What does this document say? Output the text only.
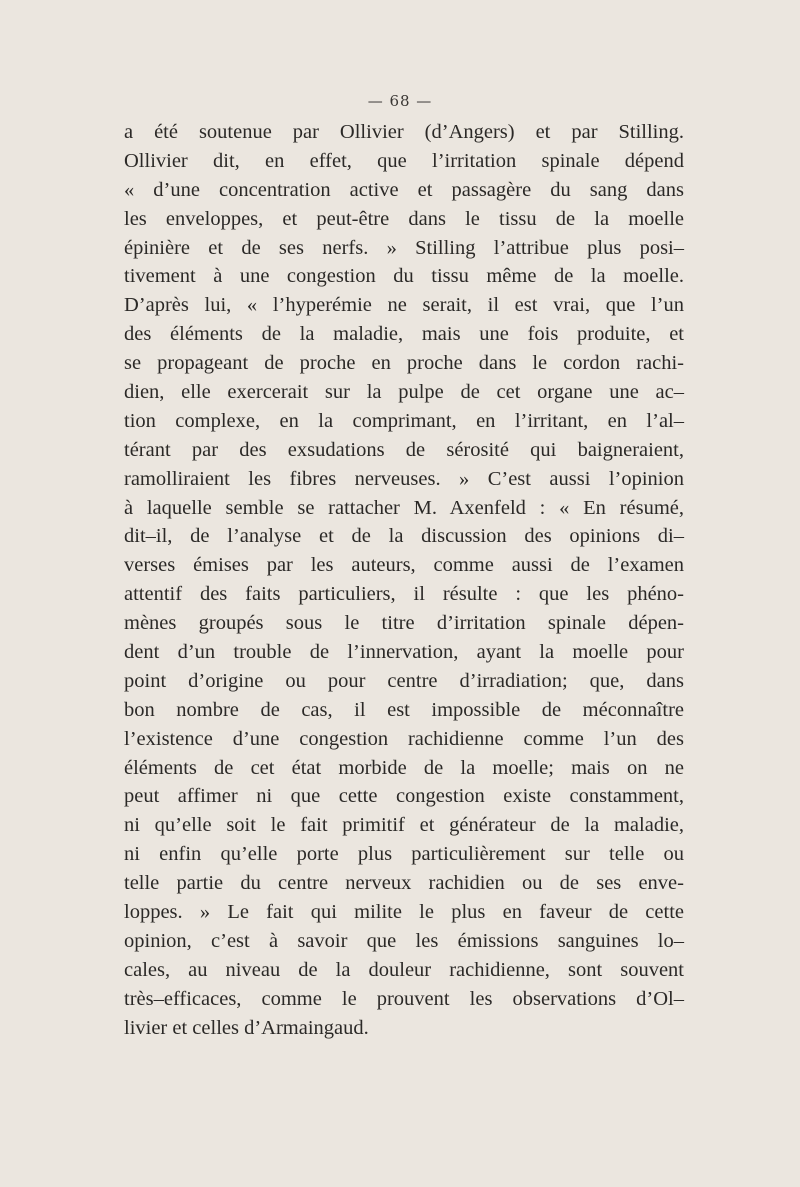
— 68 —
a été soutenue par Ollivier (d’Angers) et par Stilling.
Ollivier dit, en effet, que l’irritation spinale dépend
« d’une concentration active et passagère du sang dans
les enveloppes, et peut-être dans le tissu de la moelle
épinière et de ses nerfs. » Stilling l’attribue plus posi–
tivement à une congestion du tissu même de la moelle.
D’après lui, « l’hyperémie ne serait, il est vrai, que l’un
des éléments de la maladie, mais une fois produite, et
se propageant de proche en proche dans le cordon rachi-
dien, elle exercerait sur la pulpe de cet organe une ac–
tion complexe, en la comprimant, en l’irritant, en l’al–
térant par des exsudations de sérosité qui baigneraient,
ramolliraient les fibres nerveuses. » C’est aussi l’opinion
à laquelle semble se rattacher M. Axenfeld : « En résumé,
dit–il, de l’analyse et de la discussion des opinions di–
verses émises par les auteurs, comme aussi de l’examen
attentif des faits particuliers, il résulte : que les phéno-
mènes groupés sous le titre d’irritation spinale dépen-
dent d’un trouble de l’innervation, ayant la moelle pour
point d’origine ou pour centre d’irradiation; que, dans
bon nombre de cas, il est impossible de méconnaître
l’existence d’une congestion rachidienne comme l’un des
éléments de cet état morbide de la moelle; mais on ne
peut affimer ni que cette congestion existe constamment,
ni qu’elle soit le fait primitif et générateur de la maladie,
ni enfin qu’elle porte plus particulièrement sur telle ou
telle partie du centre nerveux rachidien ou de ses enve-
loppes. » Le fait qui milite le plus en faveur de cette
opinion, c’est à savoir que les émissions sanguines lo–
cales, au niveau de la douleur rachidienne, sont souvent
très–efficaces, comme le prouvent les observations d’Ol–
livier et celles d’Armaingaud.
